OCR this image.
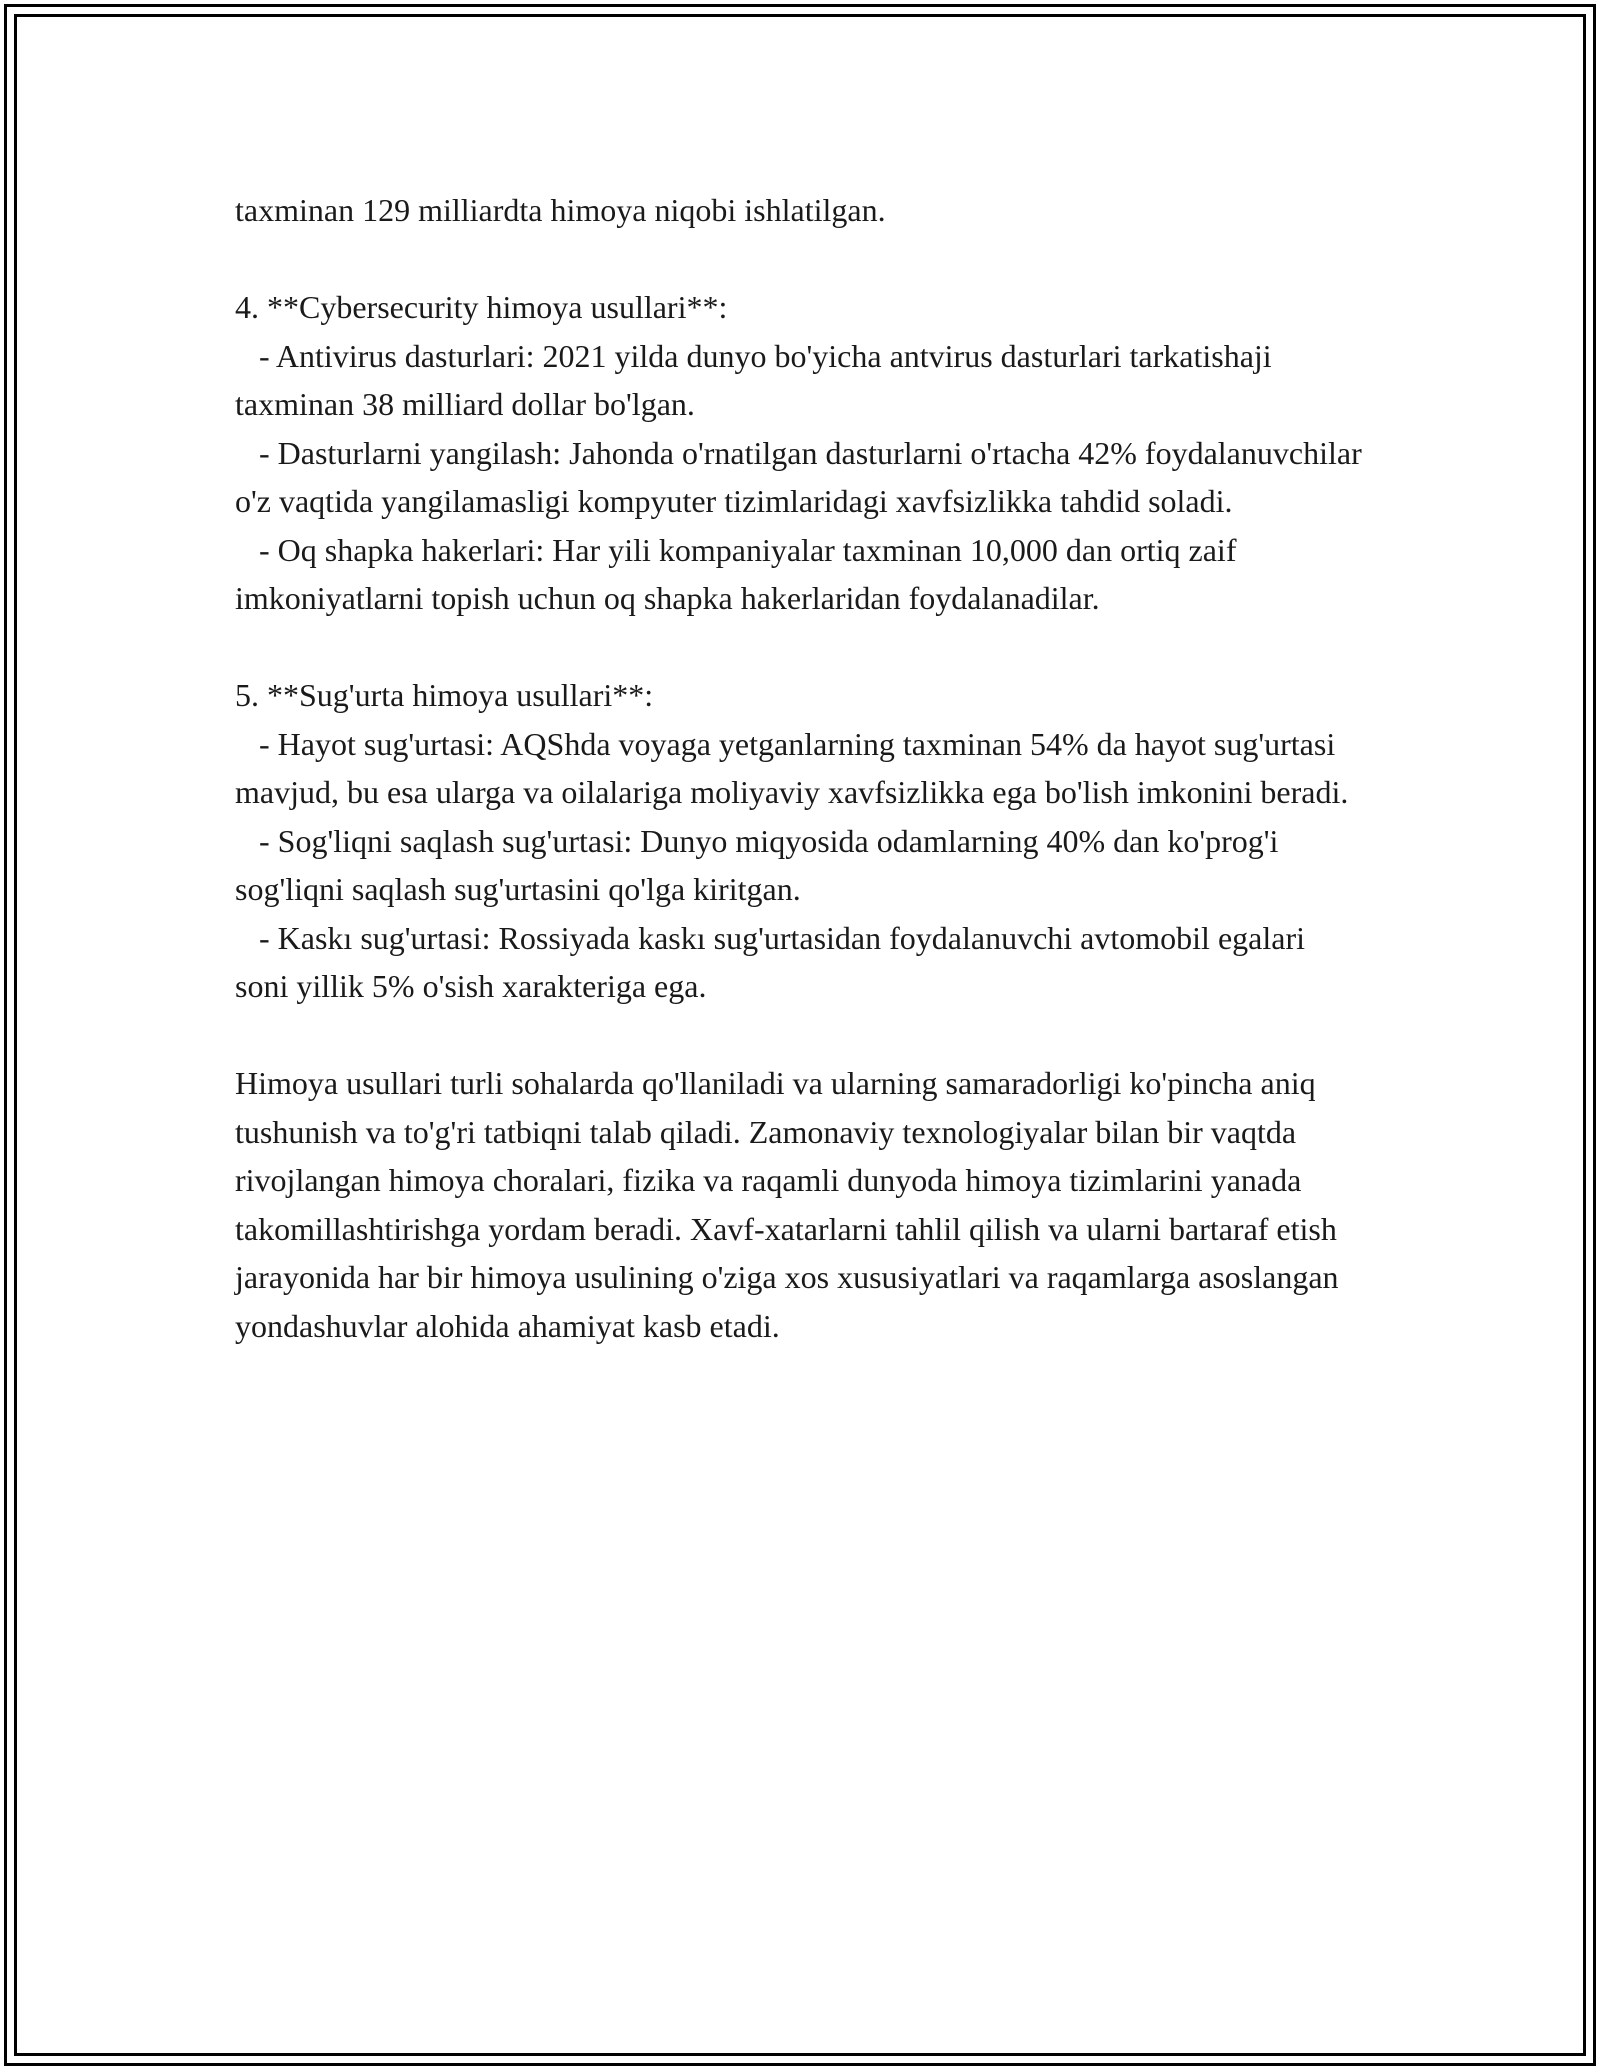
taxminan 129 milliardta himoya niqobi ishlatilgan.

4. **Cybersecurity himoya usullari**:

- Antivirus dasturlari: 2021 yilda dunyo bo'yicha antvirus dasturlari tarkatishaji taxminan 38 milliard dollar bo'lgan.

- Dasturlarni yangilash: Jahonda o'rnatilgan dasturlarni o'rtacha 42% foydalanuvchilar o'z vaqtida yangilamasligi kompyuter tizimlaridagi xavfsizlikka tahdid soladi.

- Oq shapka hakerlari: Har yili kompaniyalar taxminan 10,000 dan ortiq zaif imkoniyatlarni topish uchun oq shapka hakerlaridan foydalanadilar.

5. **Sug'urta himoya usullari**:

- Hayot sug'urtasi: AQShda voyaga yetganlarning taxminan 54% da hayot sug'urtasi mavjud, bu esa ularga va oilalariga moliyaviy xavfsizlikka ega bo'lish imkonini beradi.

- Sog'liqni saqlash sug'urtasi: Dunyo miqyosida odamlarning 40% dan ko'prog'i sog'liqni saqlash sug'urtasini qo'lga kiritgan.

- Kaskı sug'urtasi: Rossiyada kaskı sug'urtasidan foydalanuvchi avtomobil egalari soni yillik 5% o'sish xarakteriga ega.

Himoya usullari turli sohalarda qo'llaniladi va ularning samaradorligi ko'pincha aniq tushunish va to'g'ri tatbiqni talab qiladi. Zamonaviy texnologiyalar bilan bir vaqtda rivojlangan himoya choralari, fizika va raqamli dunyoda himoya tizimlarini yanada takomillashtirishga yordam beradi. Xavf-xatarlarni tahlil qilish va ularni bartaraf etish jarayonida har bir himoya usulining o'ziga xos xususiyatlari va raqamlarga asoslangan yondashuvlar alohida ahamiyat kasb etadi.
